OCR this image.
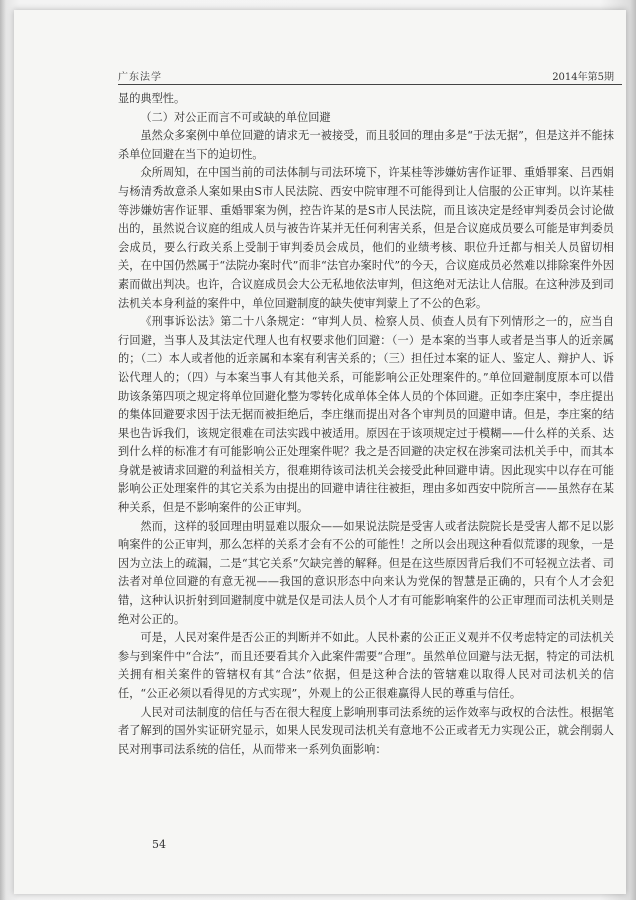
广东法学	2014年第5期

显的典型性。

（二）对公正而言不可或缺的单位回避

虽然众多案例中单位回避的请求无一被接受，而且驳回的理由多是“于法无据”，但是这并不能抹杀单位回避在当下的迫切性。

众所周知，在中国当前的司法体制与司法环境下，许某桂等涉嫌妨害作证罪、重婚罪案、吕西娟与杨清秀故意杀人案如果由S市人民法院、西安中院审理不可能得到让人信服的公正审判。以许某桂等涉嫌妨害作证罪、重婚罪案为例，控告许某的是S市人民法院，而且该决定是经审判委员会讨论做出的，虽然说合议庭的组成人员与被告许某并无任何利害关系，但是合议庭成员要么可能是审判委员会成员，要么行政关系上受制于审判委员会成员，他们的业绩考核、职位升迁都与相关人员留切相关，在中国仍然属于“法院办案时代”而非“法官办案时代”的今天，合议庭成员必然难以排除案件外因素而做出判决。也许，合议庭成员会大公无私地依法审判，但这绝对无法让人信服。在这种涉及到司法机关本身利益的案件中，单位回避制度的缺失使审判蒙上了不公的色彩。

《刑事诉讼法》第二十八条规定：“审判人员、检察人员、侦查人员有下列情形之一的，应当自行回避，当事人及其法定代理人也有权要求他们回避：（一）是本案的当事人或者是当事人的近亲属的；（二）本人或者他的近亲属和本案有利害关系的；（三）担任过本案的证人、鉴定人、辩护人、诉讼代理人的；（四）与本案当事人有其他关系，可能影响公正处理案件的。”单位回避制度原本可以借助该条第四项之规定将单位回避化整为零转化成单体全体人员的个体回避。正如李庄案中，李庄提出的集体回避要求因于法无据而被拒绝后，李庄继而提出对各个审判员的回避申请。但是，李庄案的结果也告诉我们，该规定很难在司法实践中被适用。原因在于该项规定过于模糊——什么样的关系、达到什么样的标准才有可能影响公正处理案件呢？我之是否回避的决定权在涉案司法机关手中，而其本身就是被请求回避的利益相关方，很难期待该司法机关会接受此种回避申请。因此现实中以存在可能影响公正处理案件的其它关系为由提出的回避申请往往被拒，理由多如西安中院所言——虽然存在某种关系，但是不影响案件的公正审判。

然而，这样的驳回理由明显难以服众——如果说法院是受害人或者法院院长是受害人都不足以影响案件的公正审判，那么怎样的关系才会有不公的可能性！之所以会出现这种看似荒谬的现象，一是因为立法上的疏漏，二是“其它关系”欠缺完善的解释。但是在这些原因背后我们不可轻视立法者、司法者对单位回避的有意无视——我国的意识形态中向来认为党保的智慧是正确的，只有个人才会犯错，这种认识折射到回避制度中就是仅是司法人员个人才有可能影响案件的公正审理而司法机关则是绝对公正的。

可是，人民对案件是否公正的判断并不如此。人民朴素的公正正义观并不仅考虑特定的司法机关参与到案件中“合法”，而且还要看其介入此案件需要“合理”。虽然单位回避与法无据，特定的司法机关拥有相关案件的管辖权有其“合法”依据，但是这种合法的管辖难以取得人民对司法机关的信任，“公正必须以看得见的方式实现”，外观上的公正很难赢得人民的尊重与信任。

人民对司法制度的信任与否在很大程度上影响刑事司法系统的运作效率与政权的合法性。根据笔者了解到的国外实证研究显示，如果人民发现司法机关有意地不公正或者无力实现公正，就会削弱人民对刑事司法系统的信任，从而带来一系列负面影响：

54
